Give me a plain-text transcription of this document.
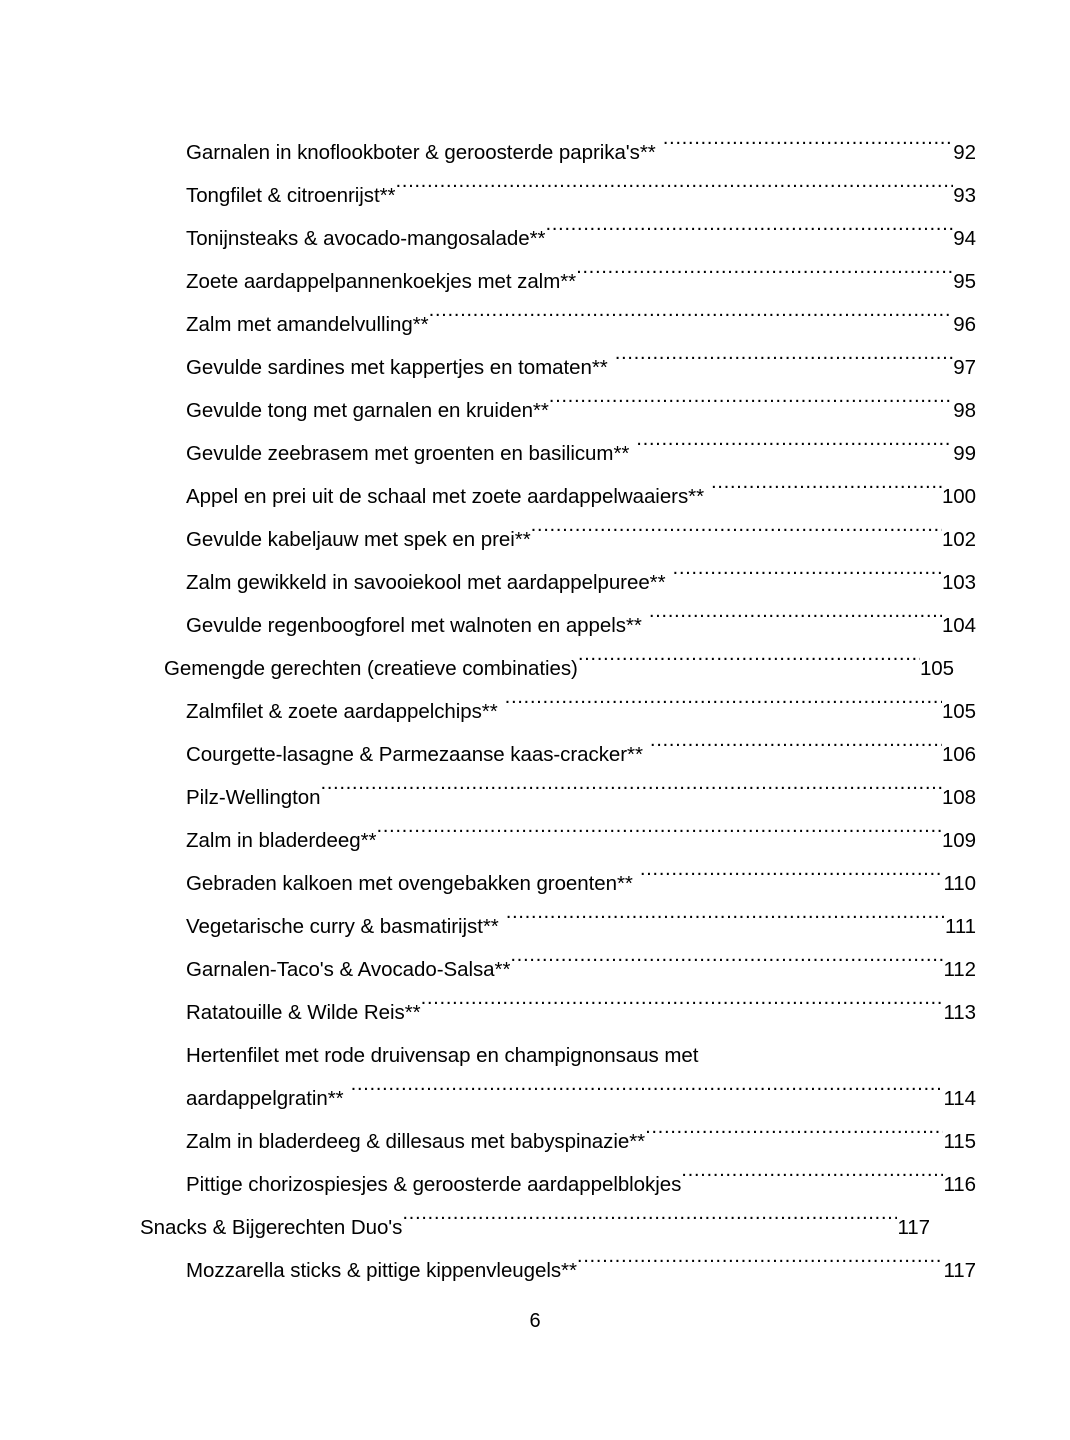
Garnalen in knoflookboter & geroosterde paprika's** .....	92
Tongfilet & citroenrijst** .....	93
Tonijnsteaks & avocado-mangosalade** .....	94
Zoete aardappelpannenkoekjes met zalm** .....	95
Zalm met amandelvulling** .....	96
Gevulde sardines met kappertjes en tomaten** .....	97
Gevulde tong met garnalen en kruiden** .....	98
Gevulde zeebrasem met groenten en basilicum** .....	99
Appel en prei uit de schaal met zoete aardappelwaaiers** .....	100
Gevulde kabeljauw met spek en prei** .....	102
Zalm gewikkeld in savooiekool met aardappelpuree** .....	103
Gevulde regenboogforel met walnoten en appels** .....	104
Gemengde gerechten (creatieve combinaties) .....	105
Zalmfilet & zoete aardappelchips** .....	105
Courgette-lasagne & Parmezaanse kaas-cracker** .....	106
Pilz-Wellington .....	108
Zalm in bladerdeeg** .....	109
Gebraden kalkoen met ovengebakken groenten** .....	110
Vegetarische curry & basmatirijst** .....	111
Garnalen-Taco's & Avocado-Salsa** .....	112
Ratatouille & Wilde Reis** .....	113
Hertenfilet met rode druivensap en champignonsaus met
aardappelgratin** .....	114
Zalm in bladerdeeg & dillesaus met babyspinazie** .....	115
Pittige chorizospiesjes & geroosterde aardappelblokjes .....	116
Snacks & Bijgerechten Duo's .....	117
Mozzarella sticks & pittige kippenvleugels** .....	117
6
